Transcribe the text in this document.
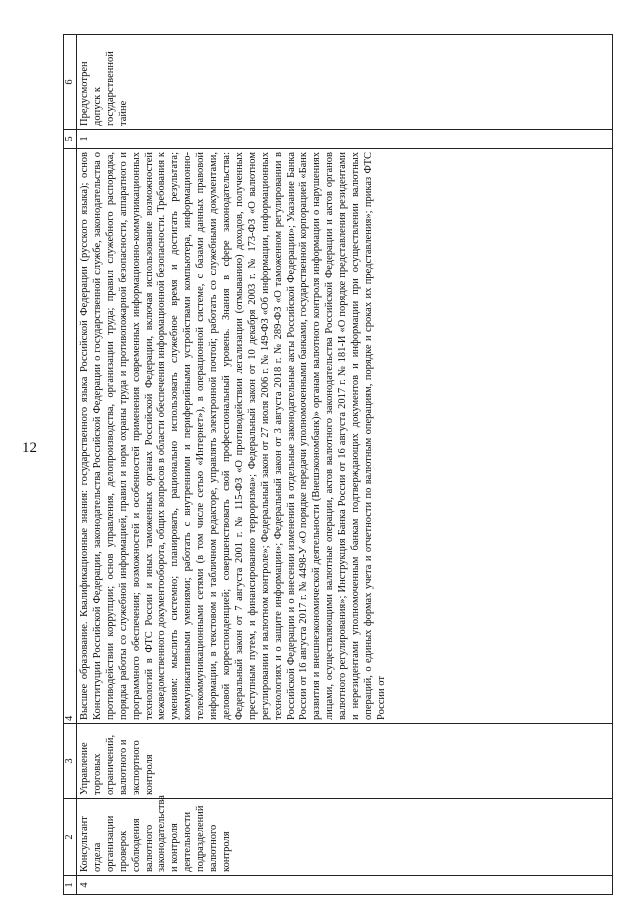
12
1	2	3	4	5	6
4	Консультант отдела организации проверок соблюдения валютного законодательства и контроля деятельности подразделений валютного контроля	Управление торговых ограничений, валютного и экспортного контроля	Высшее образование. Квалификационные знания: государственного языка Российской Федерации (русского языка); основ Конституции Российской Федерации, законодательства Российской Федерации о государственной службе, законодательства о противодействии коррупции; основ управления, делопроизводства, организации труда; правил служебного распорядка, порядка работы со служебной информацией, правил и норм охраны труда и противопожарной безопасности, аппаратного и программного обеспечения; возможностей и особенностей применения современных информационно-коммуникационных технологий в ФТС России и иных таможенных органах Российской Федерации, включая использование возможностей межведомственного документооборота, общих вопросов в области обеспечения информационной безопасности. Требования к умениям: мыслить системно; планировать, рационально использовать служебное время и достигать результата; коммуникативными умениями; работать с внутренними и периферийными устройствами компьютера, информационно-телекоммуникационными сетями (в том числе сетью «Интернет»), в операционной системе, с базами данных правовой информации, в текстовом и табличном редакторе, управлять электронной почтой; работать со служебными документами, деловой корреспонденцией; совершенствовать свой профессиональный уровень. Знания в сфере законодательства: Федеральный закон от 7 августа 2001 г. № 115-ФЗ «О противодействии легализации (отмыванию) доходов, полученных преступным путем, и финансированию терроризма»; Федеральный закон от 10 декабря 2003 г. № 173-ФЗ «О валютном регулировании и валютном контроле»; Федеральный закон от 27 июля 2006 г. № 149-ФЗ «Об информации, информационных технологиях и о защите информации»; Федеральный закон от 3 августа 2018 г. № 289-ФЗ «О таможенном регулировании в Российской Федерации и о внесении изменений в отдельные законодательные акты Российской Федерации»; Указание Банка России от 16 августа 2017 г. № 4498-У «О порядке передачи уполномоченными банками, государственной корпорацией «Банк развития и внешнеэкономической деятельности (Внешэкономбанк)» органам валютного контроля информации о нарушениях лицами, осуществляющими валютные операции, актов валютного законодательства Российской Федерации и актов органов валютного регулирования»; Инструкция Банка России от 16 августа 2017 г. № 181-И «О порядке представления резидентами и нерезидентами уполномоченным банкам подтверждающих документов и информации при осуществлении валютных операций, о единых формах учета и отчетности по валютным операциям, порядке и сроках их представления»; приказ ФТС России от	1	Предусмотрен допуск к государственной тайне
